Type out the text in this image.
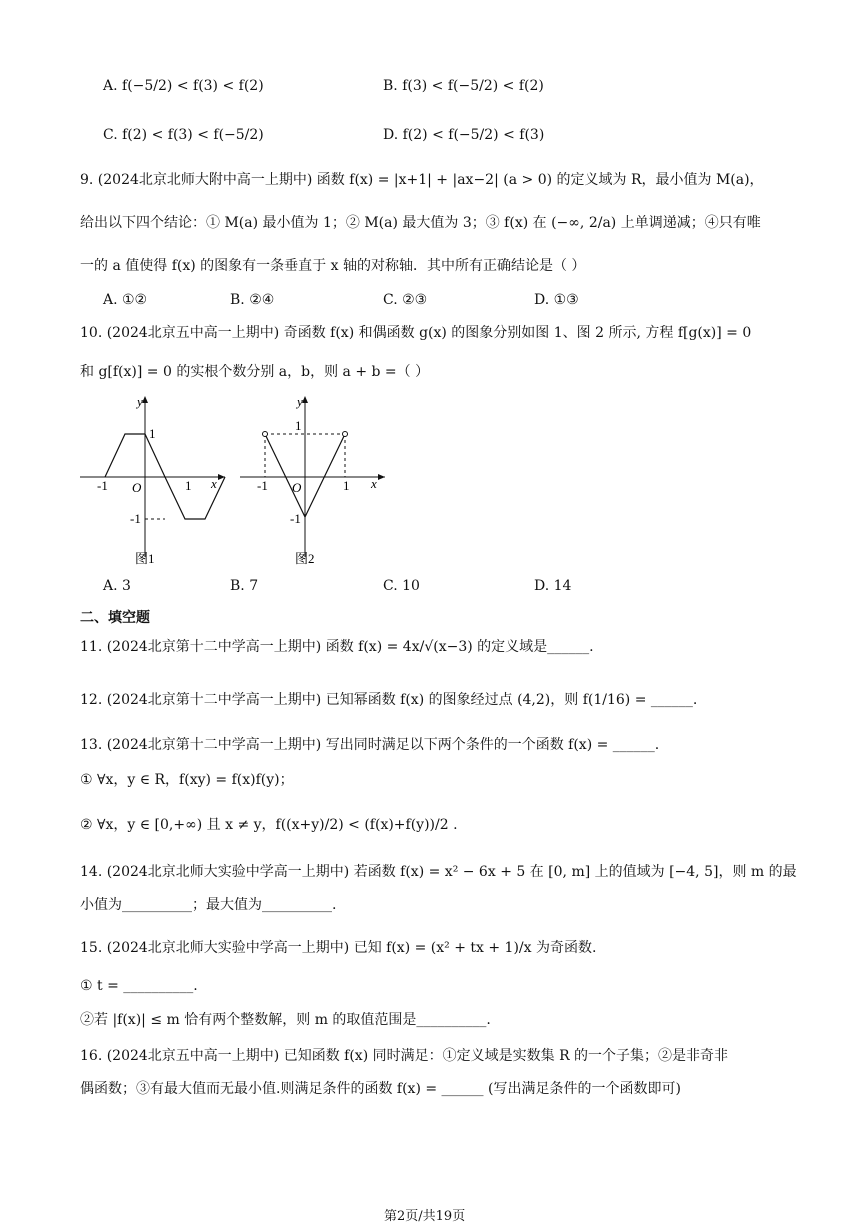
A. f(−5/2) < f(3) < f(2)	B. f(3) < f(−5/2) < f(2)
C. f(2) < f(3) < f(−5/2)	D. f(2) < f(−5/2) < f(3)
9. (2024北京北师大附中高一上期中) 函数 f(x) = |x+1| + |ax−2| (a > 0) 的定义域为 R，最小值为 M(a)，
给出以下四个结论：① M(a) 最小值为 1；② M(a) 最大值为 3；③ f(x) 在 (−∞, 2/a) 上单调递减；④只有唯
一的 a 值使得 f(x) 的图象有一条垂直于 x 轴的对称轴．其中所有正确结论是（ ）
A. ①②	B. ②④	C. ②③	D. ①③
10. (2024北京五中高一上期中) 奇函数 f(x) 和偶函数 g(x) 的图象分别如图 1、图 2 所示, 方程 f[g(x)] = 0
和 g[f(x)] = 0 的实根个数分别 a，b，则 a + b =（ ）
x
y
1
-1 O	1
-1
图1
x
y
1
-1 O	1
-1
图2
A. 3	B. 7	C. 10	D. 14
二、填空题
11. (2024北京第十二中学高一上期中) 函数 f(x) = 4x/√(x−3) 的定义域是______.
12. (2024北京第十二中学高一上期中) 已知幂函数 f(x) 的图象经过点 (4,2)，则 f(1/16) = ______.
13. (2024北京第十二中学高一上期中) 写出同时满足以下两个条件的一个函数 f(x) = ______.
① ∀x，y ∈ R，f(xy) = f(x)f(y)；
② ∀x，y ∈ [0,+∞) 且 x ≠ y，f((x+y)/2) < (f(x)+f(y))/2 .
14. (2024北京北师大实验中学高一上期中) 若函数 f(x) = x² − 6x + 5 在 [0, m] 上的值域为 [−4, 5]，则 m 的最
小值为__________；最大值为__________.
15. (2024北京北师大实验中学高一上期中) 已知 f(x) = (x² + tx + 1)/x 为奇函数.
① t = __________.
②若 |f(x)| ≤ m 恰有两个整数解，则 m 的取值范围是__________.
16. (2024北京五中高一上期中) 已知函数 f(x) 同时满足：①定义域是实数集 R 的一个子集；②是非奇非
偶函数；③有最大值而无最小值.则满足条件的函数 f(x) = ______ (写出满足条件的一个函数即可)
第2页/共19页
